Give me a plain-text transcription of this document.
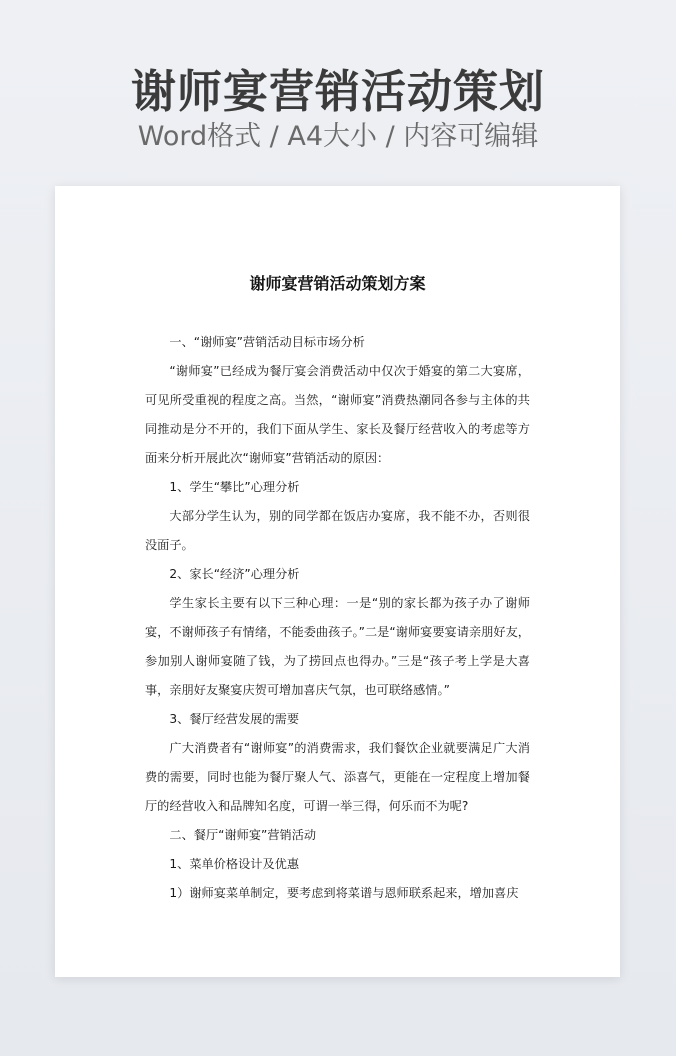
谢师宴营销活动策划
Word格式 / A4大小 / 内容可编辑
谢师宴营销活动策划方案

一、“谢师宴”营销活动目标市场分析

“谢师宴”已经成为餐厅宴会消费活动中仅次于婚宴的第二大宴席，可见所受重视的程度之高。当然，“谢师宴”消费热潮同各参与主体的共同推动是分不开的，我们下面从学生、家长及餐厅经营收入的考虑等方面来分析开展此次“谢师宴”营销活动的原因：

1、学生“攀比”心理分析

大部分学生认为，别的同学都在饭店办宴席，我不能不办，否则很没面子。

2、家长“经济”心理分析

学生家长主要有以下三种心理：一是“别的家长都为孩子办了谢师宴，不谢师孩子有情绪，不能委曲孩子。”二是“谢师宴要宴请亲朋好友，参加别人谢师宴随了钱，为了捞回点也得办。”三是“孩子考上学是大喜事，亲朋好友聚宴庆贺可增加喜庆气氛，也可联络感情。”

3、餐厅经营发展的需要

广大消费者有“谢师宴”的消费需求，我们餐饮企业就要满足广大消费的需要，同时也能为餐厅聚人气、添喜气，更能在一定程度上增加餐厅的经营收入和品牌知名度，可谓一举三得，何乐而不为呢?

二、餐厅“谢师宴”营销活动

1、菜单价格设计及优惠

1）谢师宴菜单制定，要考虑到将菜谱与恩师联系起来，增加喜庆
